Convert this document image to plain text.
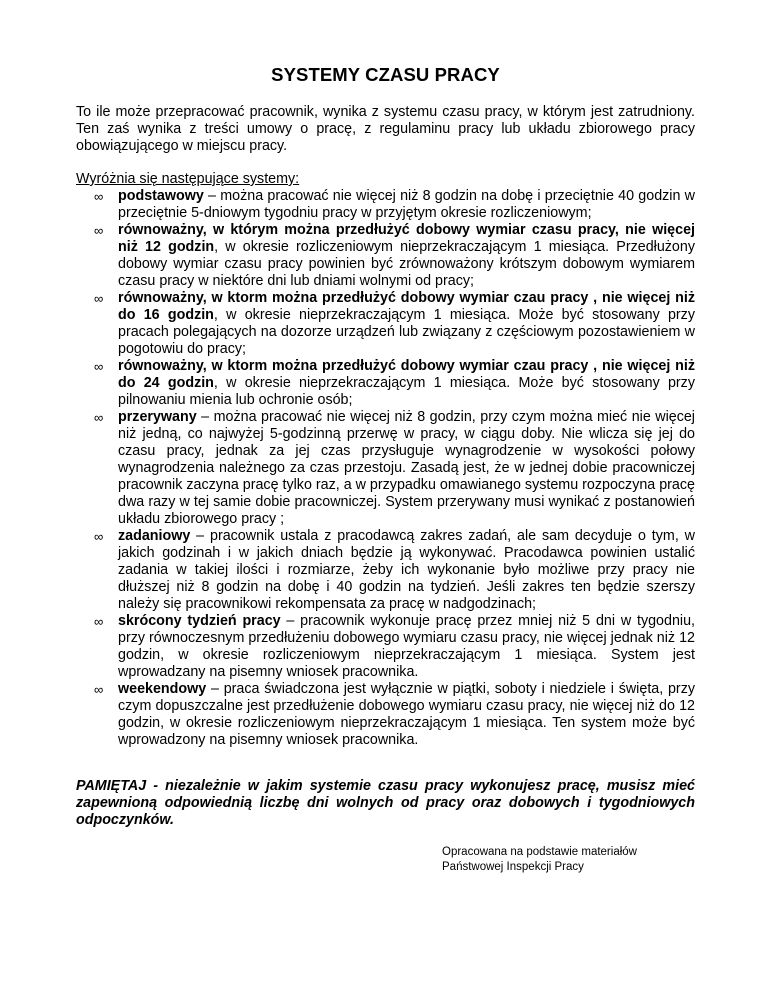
SYSTEMY CZASU PRACY

To ile może przepracować pracownik, wynika z systemu czasu pracy, w którym jest zatrudniony. Ten zaś wynika z treści umowy o pracę, z regulaminu pracy lub układu zbiorowego pracy obowiązującego w miejscu pracy.

Wyróżnia się następujące systemy:
∞ podstawowy – można pracować nie więcej niż 8 godzin na dobę i przeciętnie 40 godzin w przeciętnie 5-dniowym tygodniu pracy w przyjętym okresie rozliczeniowym;
∞ równoważny, w którym można przedłużyć dobowy wymiar czasu pracy, nie więcej niż 12 godzin, w okresie rozliczeniowym nieprzekraczającym 1 miesiąca. Przedłużony dobowy wymiar czasu pracy powinien być zrównoważony krótszym dobowym wymiarem czasu pracy w niektóre dni lub dniami wolnymi od pracy;
∞ równoważny, w ktorm można przedłużyć dobowy wymiar czau pracy , nie więcej niż do 16 godzin, w okresie nieprzekraczającym 1 miesiąca. Może być stosowany przy pracach polegających na dozorze urządzeń lub związany z częściowym pozostawieniem w pogotowiu do pracy;
∞ równoważny, w ktorm można przedłużyć dobowy wymiar czau pracy , nie więcej niż do 24 godzin, w okresie nieprzekraczającym 1 miesiąca. Może być stosowany przy pilnowaniu mienia lub ochronie osób;
∞ przerywany – można pracować nie więcej niż 8 godzin, przy czym można mieć nie więcej niż jedną, co najwyżej 5-godzinną przerwę w pracy, w ciągu doby. Nie wlicza się jej do czasu pracy, jednak za jej czas przysługuje wynagrodzenie w wysokości połowy wynagrodzenia należnego za czas przestoju. Zasadą jest, że w jednej dobie pracowniczej pracownik zaczyna pracę tylko raz, a w przypadku omawianego systemu rozpoczyna pracę dwa razy w tej samie dobie pracowniczej. System przerywany musi wynikać z postanowień układu zbiorowego pracy ;
∞ zadaniowy – pracownik ustala z pracodawcą zakres zadań, ale sam decyduje o tym, w jakich godzinah i w jakich dniach będzie ją wykonywać. Pracodawca powinien ustalić zadania w takiej ilości i rozmiarze, żeby ich wykonanie było możliwe przy pracy nie dłuższej niż 8 godzin na dobę i 40 godzin na tydzień. Jeśli zakres ten będzie szerszy należy się pracownikowi rekompensata za pracę w nadgodzinach;
∞ skrócony tydzień pracy – pracownik wykonuje pracę przez mniej niż 5 dni w tygodniu, przy równoczesnym przedłużeniu dobowego wymiaru czasu pracy, nie więcej jednak niż 12 godzin, w okresie rozliczeniowym nieprzekraczającym 1 miesiąca. System jest wprowadzany na pisemny wniosek pracownika.
∞ weekendowy – praca świadczona jest wyłącznie w piątki, soboty i niedziele i święta, przy czym dopuszczalne jest przedłużenie dobowego wymiaru czasu pracy, nie więcej niż do 12 godzin, w okresie rozliczeniowym nieprzekraczającym 1 miesiąca. Ten system może być wprowadzony na pisemny wniosek pracownika.

PAMIĘTAJ - niezależnie w jakim systemie czasu pracy wykonujesz pracę, musisz mieć zapewnioną odpowiednią liczbę dni wolnych od pracy oraz dobowych i tygodniowych odpoczynków.

Opracowana na podstawie materiałów
Państwowej Inspekcji Pracy
